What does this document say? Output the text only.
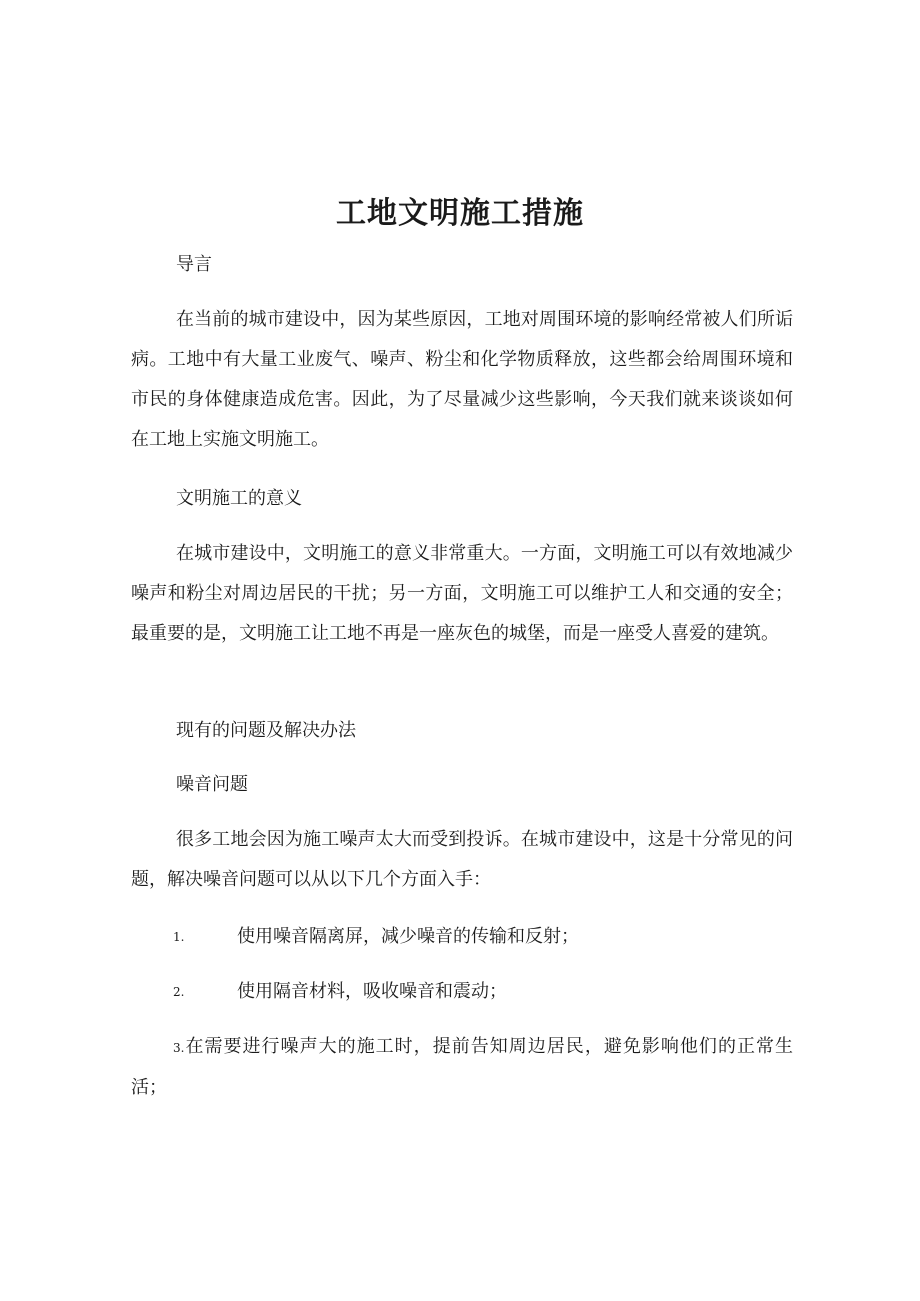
工地文明施工措施

导言

在当前的城市建设中，因为某些原因，工地对周围环境的影响经常被人们所诟病。工地中有大量工业废气、噪声、粉尘和化学物质释放，这些都会给周围环境和市民的身体健康造成危害。因此，为了尽量减少这些影响，今天我们就来谈谈如何在工地上实施文明施工。

文明施工的意义

在城市建设中，文明施工的意义非常重大。一方面，文明施工可以有效地减少噪声和粉尘对周边居民的干扰；另一方面，文明施工可以维护工人和交通的安全；最重要的是，文明施工让工地不再是一座灰色的城堡，而是一座受人喜爱的建筑。

现有的问题及解决办法

噪音问题

很多工地会因为施工噪声太大而受到投诉。在城市建设中，这是十分常见的问题，解决噪音问题可以从以下几个方面入手：

1.	使用噪音隔离屏，减少噪音的传输和反射；
2.	使用隔音材料，吸收噪音和震动；

3.在需要进行噪声大的施工时，提前告知周边居民，避免影响他们的正常生活；
